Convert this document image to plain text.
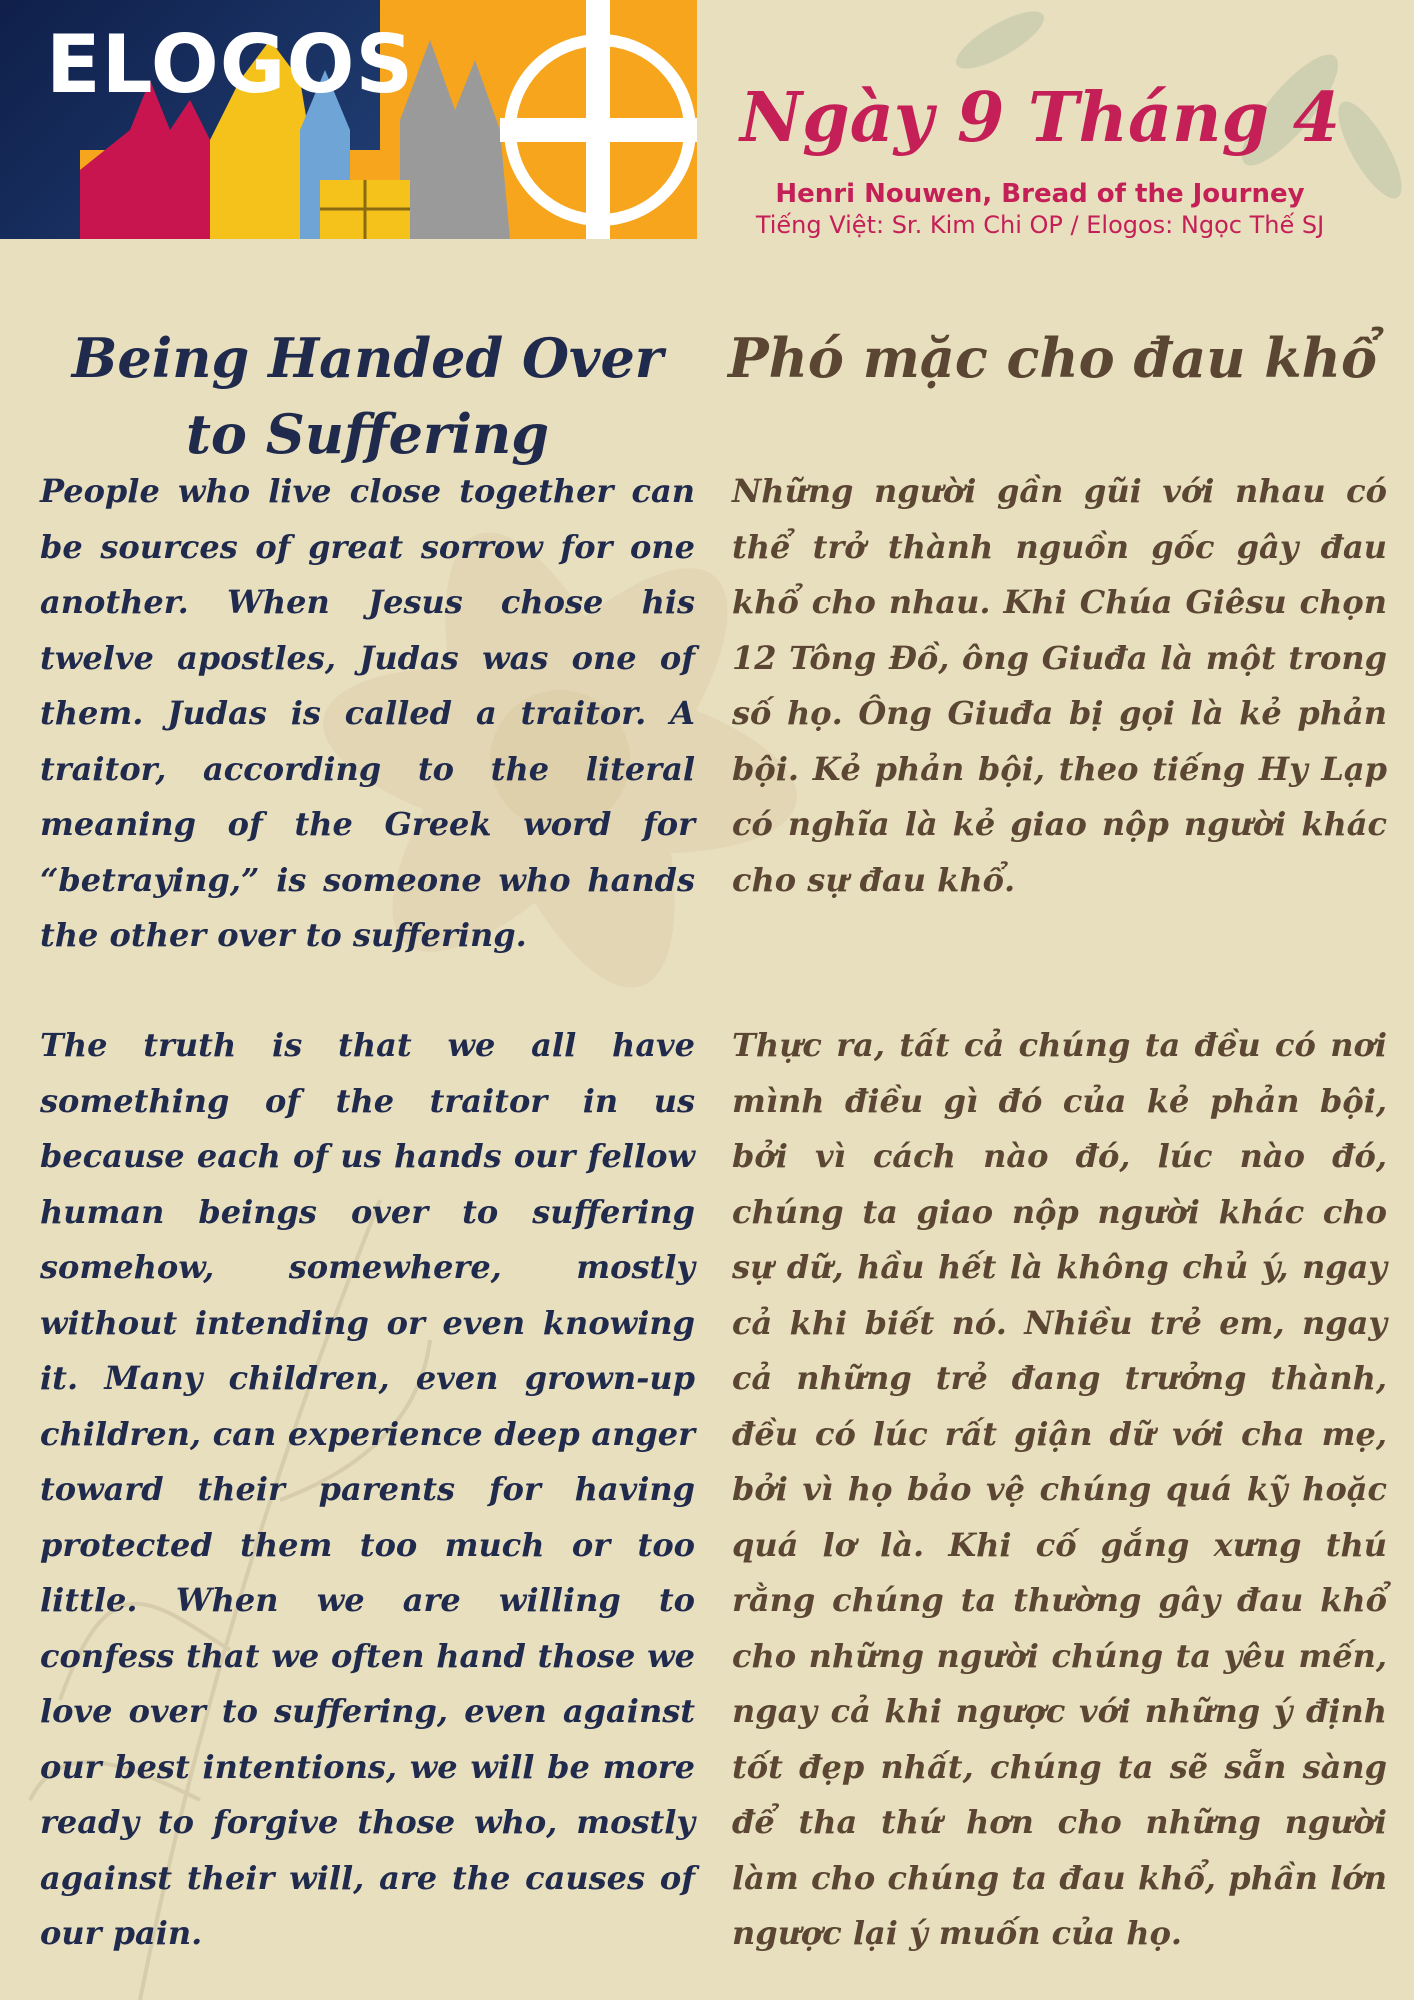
ELOGOS
Ngày 9 Tháng 4
Henri Nouwen, Bread of the Journey
Tiếng Việt: Sr. Kim Chi OP / Elogos: Ngọc Thế SJ
Being Handed Over to Suffering
Phó mặc cho đau khổ
People who live close together can be sources of great sorrow for one another. When Jesus chose his twelve apostles, Judas was one of them. Judas is called a traitor. A traitor, according to the literal meaning of the Greek word for “betraying,” is someone who hands the other over to suffering.
The truth is that we all have something of the traitor in us because each of us hands our fellow human beings over to suffering somehow, somewhere, mostly without intending or even knowing it. Many children, even grown-up children, can experience deep anger toward their parents for having protected them too much or too little. When we are willing to confess that we often hand those we love over to suffering, even against our best intentions, we will be more ready to forgive those who, mostly against their will, are the causes of our pain.
Những người gần gũi với nhau có thể trở thành nguồn gốc gây đau khổ cho nhau. Khi Chúa Giêsu chọn 12 Tông Đồ, ông Giuđa là một trong số họ. Ông Giuđa bị gọi là kẻ phản bội. Kẻ phản bội, theo tiếng Hy Lạp có nghĩa là kẻ giao nộp người khác cho sự đau khổ.
Thực ra, tất cả chúng ta đều có nơi mình điều gì đó của kẻ phản bội, bởi vì cách nào đó, lúc nào đó, chúng ta giao nộp người khác cho sự dữ, hầu hết là không chủ ý, ngay cả khi biết nó. Nhiều trẻ em, ngay cả những trẻ đang trưởng thành, đều có lúc rất giận dữ với cha mẹ, bởi vì họ bảo vệ chúng quá kỹ hoặc quá lơ là. Khi cố gắng xưng thú rằng chúng ta thường gây đau khổ cho những người chúng ta yêu mến, ngay cả khi ngược với những ý định tốt đẹp nhất, chúng ta sẽ sẵn sàng để tha thứ hơn cho những người làm cho chúng ta đau khổ, phần lớn ngược lại ý muốn của họ.
